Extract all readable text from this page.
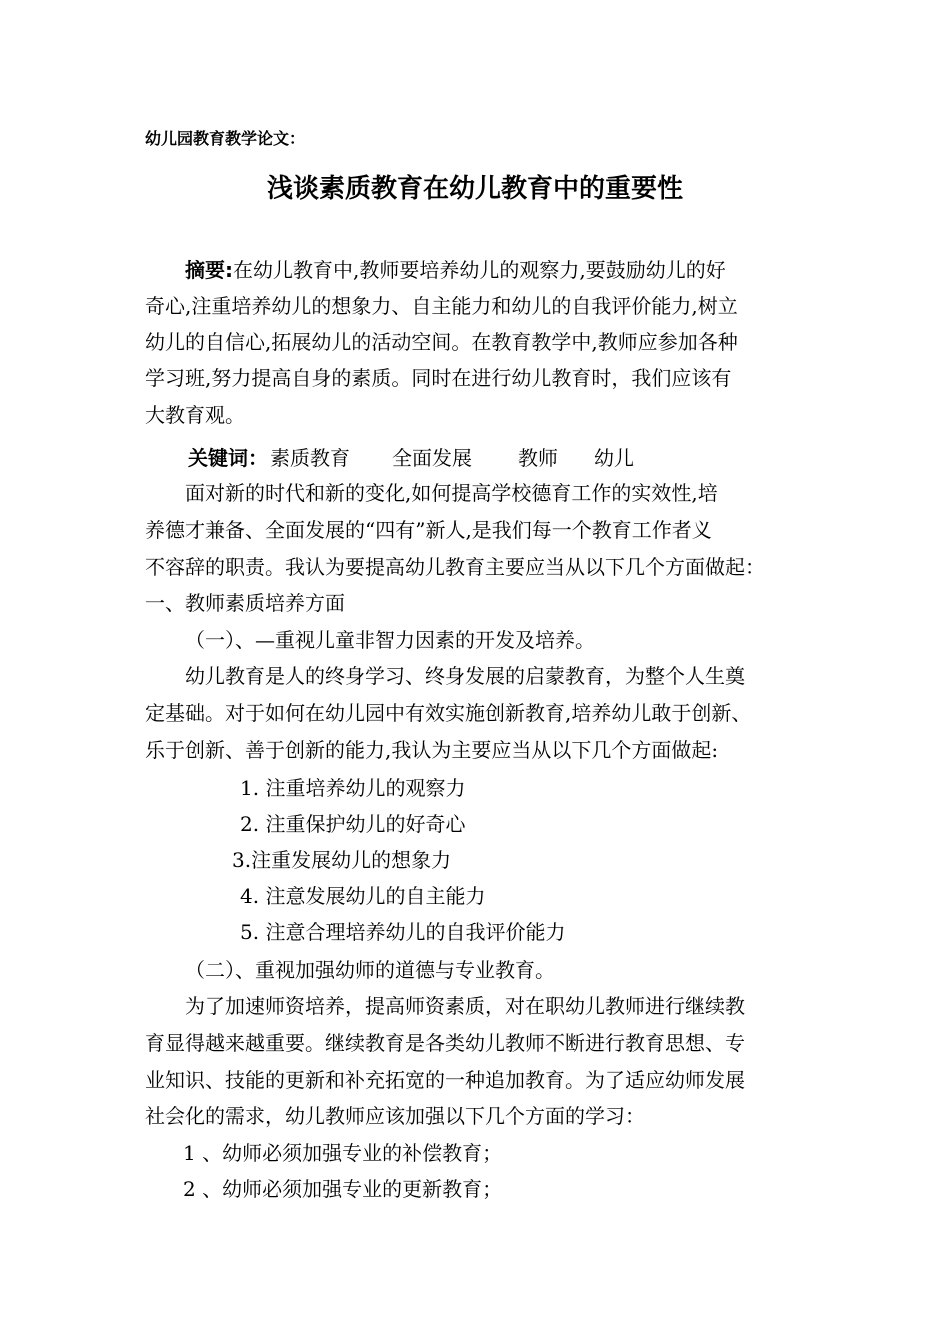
幼儿园教育教学论文：
浅谈素质教育在幼儿教育中的重要性
摘要:在幼儿教育中,教师要培养幼儿的观察力,要鼓励幼儿的好
奇心,注重培养幼儿的想象力、自主能力和幼儿的自我评价能力,树立
幼儿的自信心,拓展幼儿的活动空间。在教育教学中,教师应参加各种
学习班,努力提高自身的素质。同时在进行幼儿教育时，我们应该有
大教育观。
关键词： 素质教育 全面发展 教师 幼儿
面对新的时代和新的变化,如何提高学校德育工作的实效性,培
养德才兼备、全面发展的“四有”新人,是我们每一个教育工作者义
不容辞的职责。我认为要提高幼儿教育主要应当从以下几个方面做起：
一、教师素质培养方面
（一）、—重视儿童非智力因素的开发及培养。
幼儿教育是人的终身学习、终身发展的启蒙教育，为整个人生奠
定基础。对于如何在幼儿园中有效实施创新教育,培养幼儿敢于创新、
乐于创新、善于创新的能力,我认为主要应当从以下几个方面做起:
1. 注重培养幼儿的观察力
2. 注重保护幼儿的好奇心
3.注重发展幼儿的想象力
4. 注意发展幼儿的自主能力
5. 注意合理培养幼儿的自我评价能力
（二）、重视加强幼师的道德与专业教育。
为了加速师资培养，提高师资素质，对在职幼儿教师进行继续教
育显得越来越重要。继续教育是各类幼儿教师不断进行教育思想、专
业知识、技能的更新和补充拓宽的一种追加教育。为了适应幼师发展
社会化的需求，幼儿教师应该加强以下几个方面的学习：
1 、幼师必须加强专业的补偿教育；
2 、幼师必须加强专业的更新教育；
